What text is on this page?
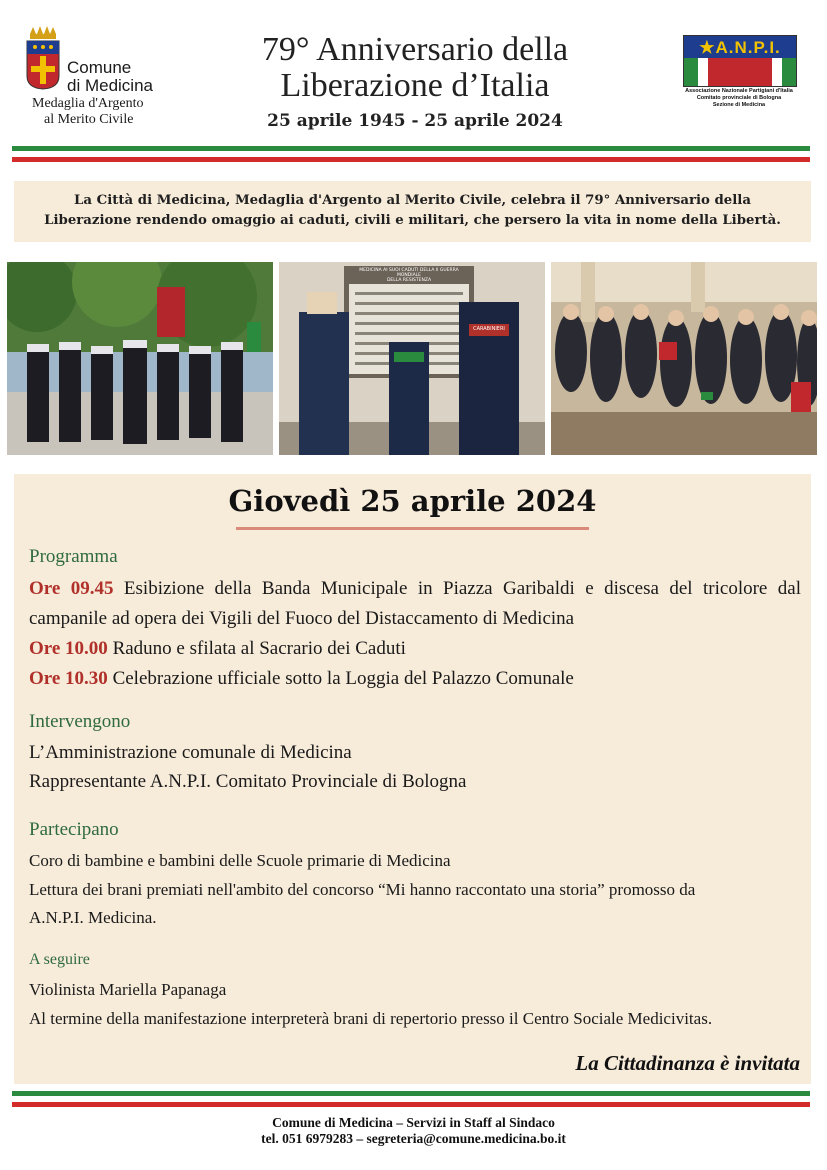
Comune
di Medicina
Medaglia d'Argento
al Merito Civile
79° Anniversario della
Liberazione d’Italia
25 aprile 1945 - 25 aprile 2024
★A.N.P.I.
Associazione Nazionale Partigiani d'Italia
Comitato provinciale di Bologna
Sezione di Medicina
La Città di Medicina, Medaglia d'Argento al Merito Civile, celebra il 79° Anniversario della
Liberazione rendendo omaggio ai caduti, civili e militari, che persero la vita in nome della Libertà.
MEDICINA AI SUOI CADUTI DELLA II GUERRA MONDIALE
DELLA RESISTENZA
CARABINIERI
Giovedì 25 aprile 2024
Programma
Ore 09.45 Esibizione della Banda Municipale in Piazza Garibaldi e discesa del tricolore dal
campanile ad opera dei Vigili del Fuoco del Distaccamento di Medicina
Ore 10.00 Raduno e sfilata al Sacrario dei Caduti
Ore 10.30 Celebrazione ufficiale sotto la Loggia del Palazzo Comunale
Intervengono
L’Amministrazione comunale di Medicina
Rappresentante A.N.P.I. Comitato Provinciale di Bologna
Partecipano
Coro di bambine e bambini delle Scuole primarie di Medicina
Lettura dei brani premiati nell'ambito del concorso “Mi hanno raccontato una storia” promosso da
A.N.P.I. Medicina.
A seguire
Violinista Mariella Papanaga
Al termine della manifestazione interpreterà brani di repertorio presso il Centro Sociale Medicivitas.
La Cittadinanza è invitata
Comune di Medicina – Servizi in Staff al Sindaco
tel. 051 6979283 – segreteria@comune.medicina.bo.it
